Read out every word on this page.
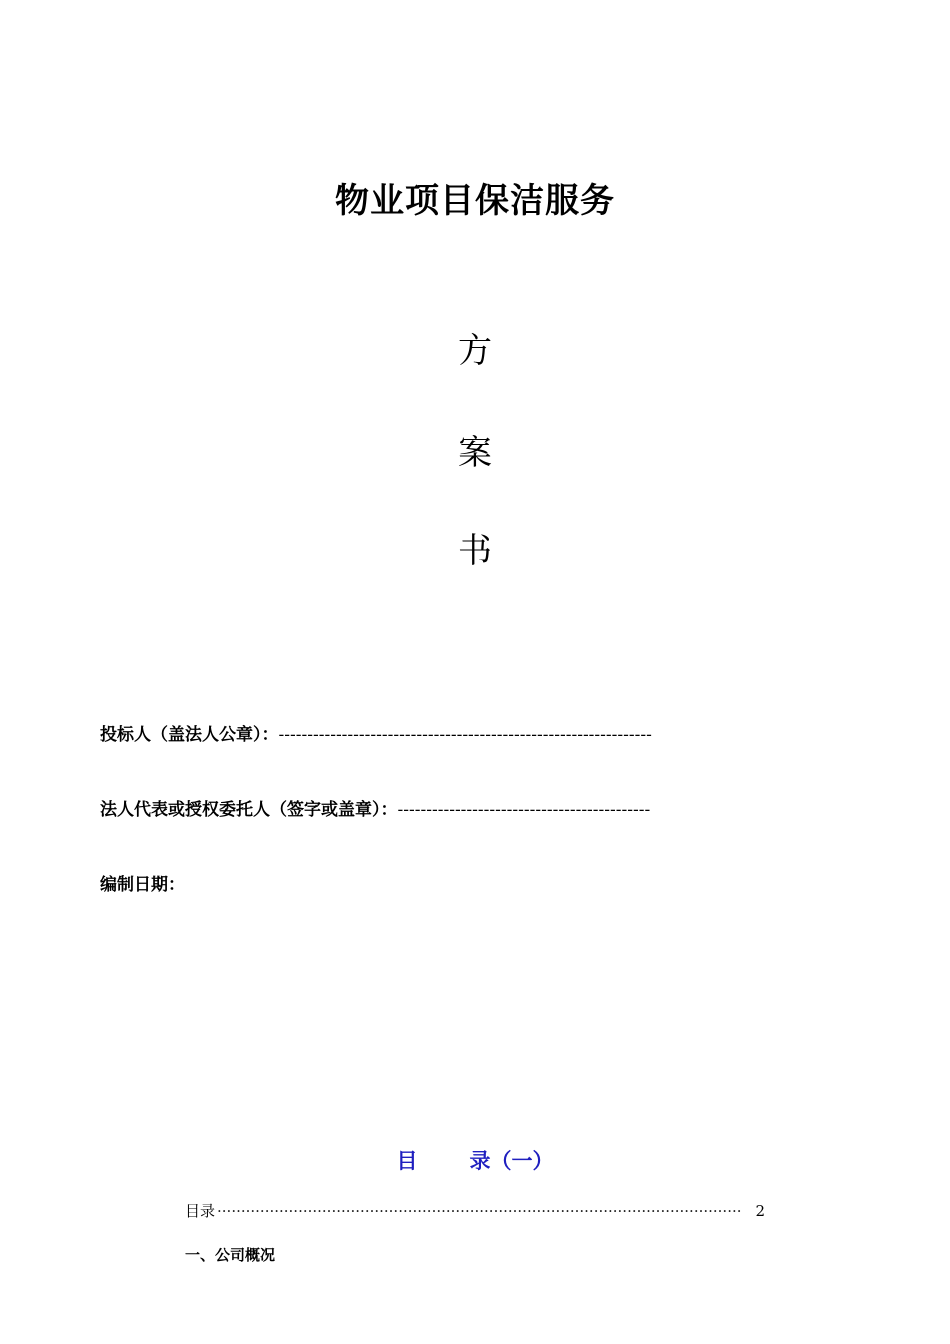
物业项目保洁服务
方
案
书
投标人（盖法人公章）：-----------------------------------------------------------------
法人代表或授权委托人（签字或盖章）：--------------------------------------------
编制日期：
目 录（一）
目录
·····	2
一、公司概况
